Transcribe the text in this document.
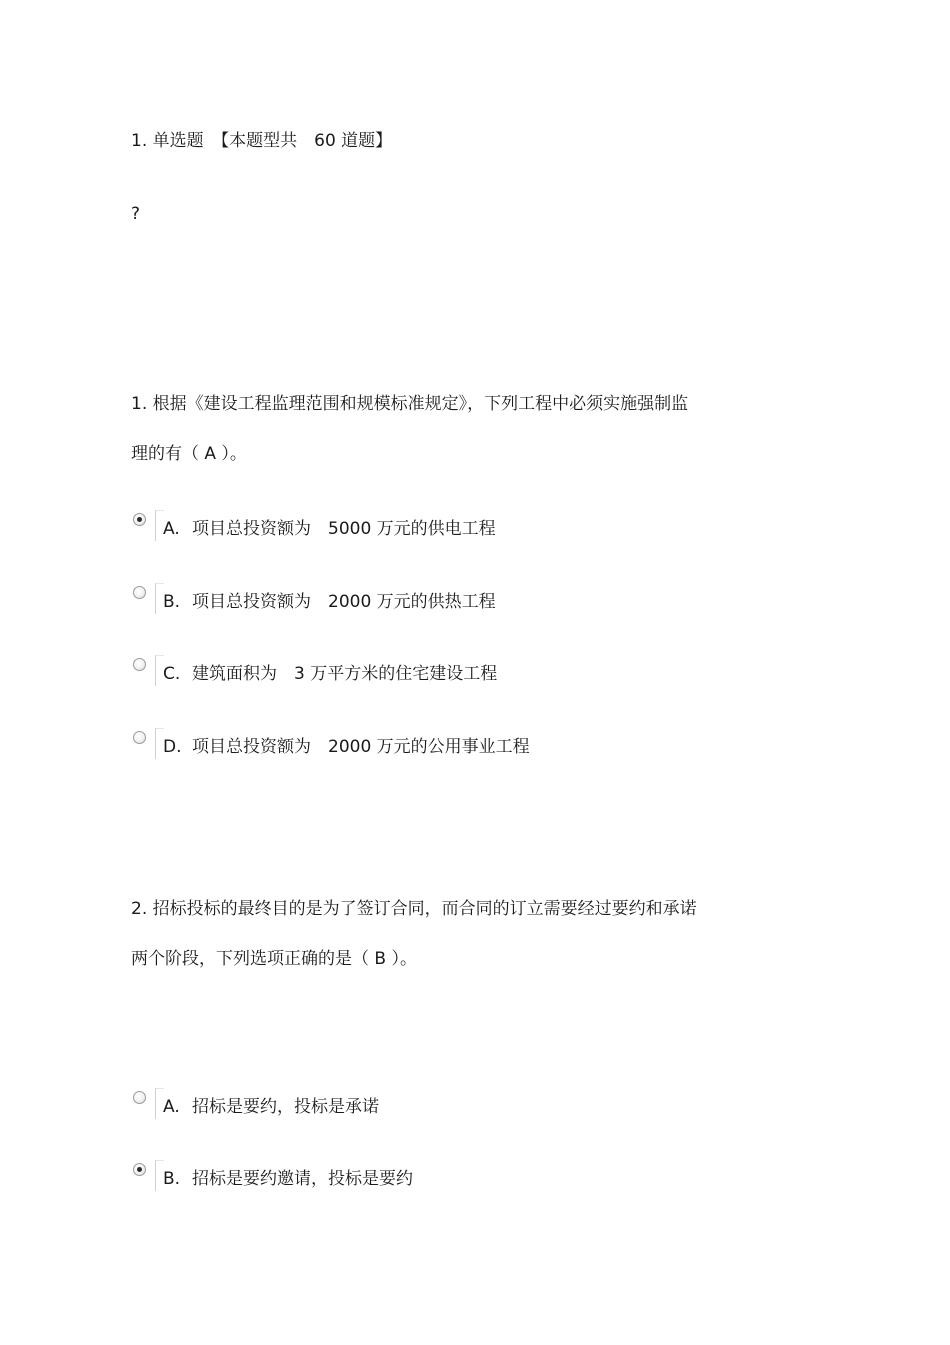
1. 单选题　【本题型共　60 道题】
?
1. 根据《建设工程监理范围和规模标准规定》，下列工程中必须实施强制监
理的有（ A ）。
A. 项目总投资额为　5000 万元的供电工程
B. 项目总投资额为　2000 万元的供热工程
C. 建筑面积为　3 万平方米的住宅建设工程
D. 项目总投资额为　2000 万元的公用事业工程
2. 招标投标的最终目的是为了签订合同，而合同的订立需要经过要约和承诺
两个阶段，下列选项正确的是（ B ）。
A. 招标是要约，投标是承诺
B. 招标是要约邀请，投标是要约
